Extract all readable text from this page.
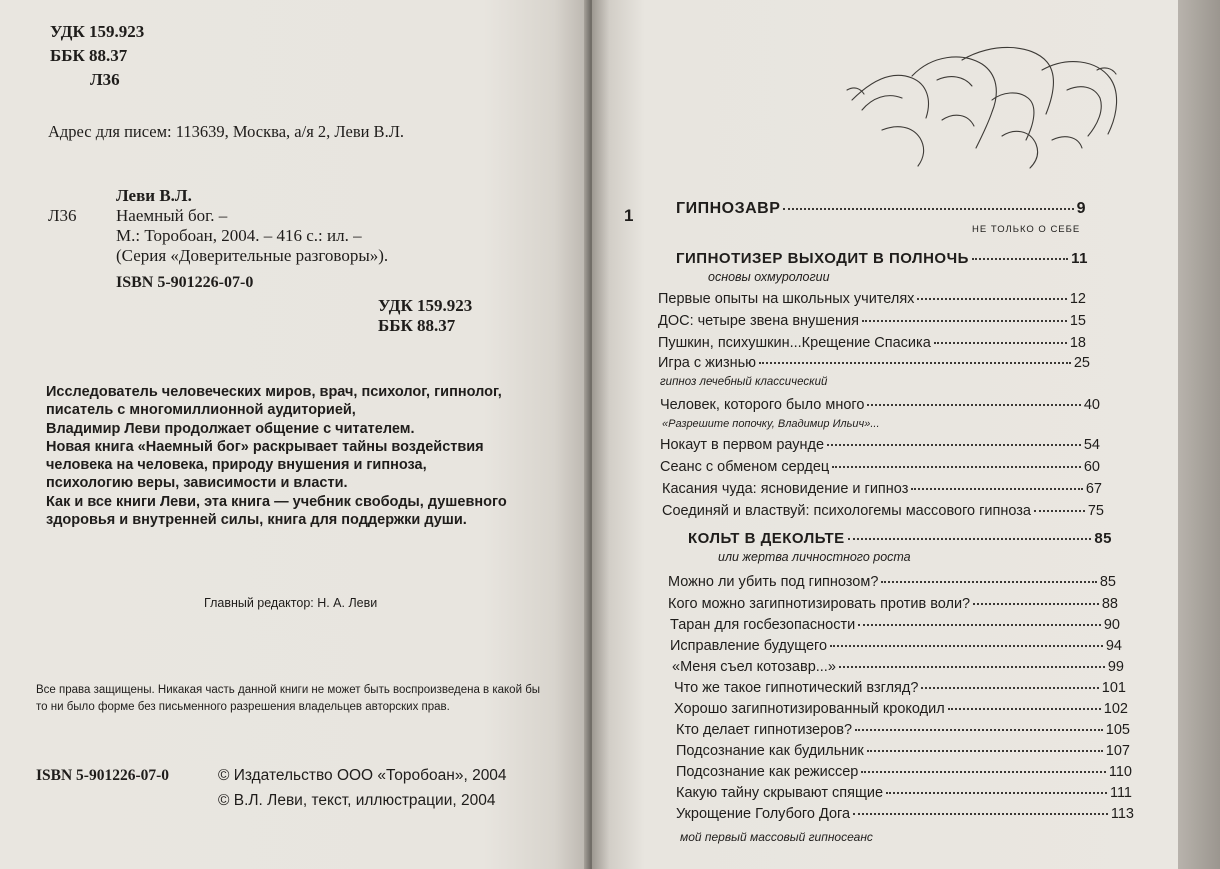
УДК 159.923
ББК 88.37
Л36
Адрес для писем: 113639, Москва, а/я 2, Леви В.Л.
Л36
Леви В.Л.
Наемный бог. –
М.: Торобоан, 2004. – 416 с.: ил. –
(Серия «Доверительные разговоры»).
ISBN 5-901226-07-0
УДК 159.923
ББК 88.37
Исследователь человеческих миров, врач, психолог, гипнолог,
писатель с многомиллионной аудиторией,
Владимир Леви продолжает общение с читателем.
Новая книга «Наемный бог» раскрывает тайны воздействия
человека на человека, природу внушения и гипноза,
психологию веры, зависимости и власти.
Как и все книги Леви, эта книга — учебник свободы, душевного
здоровья и внутренней силы, книга для поддержки души.
Главный редактор: Н. А. Леви
Все права защищены. Никакая часть данной книги не может быть воспроизведена в какой бы
то ни было форме без письменного разрешения владельцев авторских прав.
ISBN 5-901226-07-0	© Издательство ООО «Торобоан», 2004
© В.Л. Леви, текст, иллюстрации, 2004
1	ГИПНОЗАВР	9
НЕ ТОЛЬКО О СЕБЕ
ГИПНОТИЗЕР ВЫХОДИТ В ПОЛНОЧЬ	11
основы охмурологии
Первые опыты на школьных учителях	12
ДОС: четыре звена внушения	15
Пушкин, психушкин...Крещение Спасика	18
Игра с жизнью	25
гипноз лечебный классический
Человек, которого было много	40
«Разрешите попочку, Владимир Ильич»...
Нокаут в первом раунде	54
Сеанс с обменом сердец	60
Касания чуда: ясновидение и гипноз	67
Соединяй и властвуй: психологемы массового гипноза	75
КОЛЬТ В ДЕКОЛЬТЕ	85
или жертва личностного роста
Можно ли убить под гипнозом?	85
Кого можно загипнотизировать против воли?	88
Таран для госбезопасности	90
Исправление будущего	94
«Меня съел котозавр...»	99
Что же такое гипнотический взгляд?	101
Хорошо загипнотизированный крокодил	102
Кто делает гипнотизеров?	105
Подсознание как будильник	107
Подсознание как режиссер	110
Какую тайну скрывают спящие	111
Укрощение Голубого Дога	113
мой первый массовый гипносеанс
